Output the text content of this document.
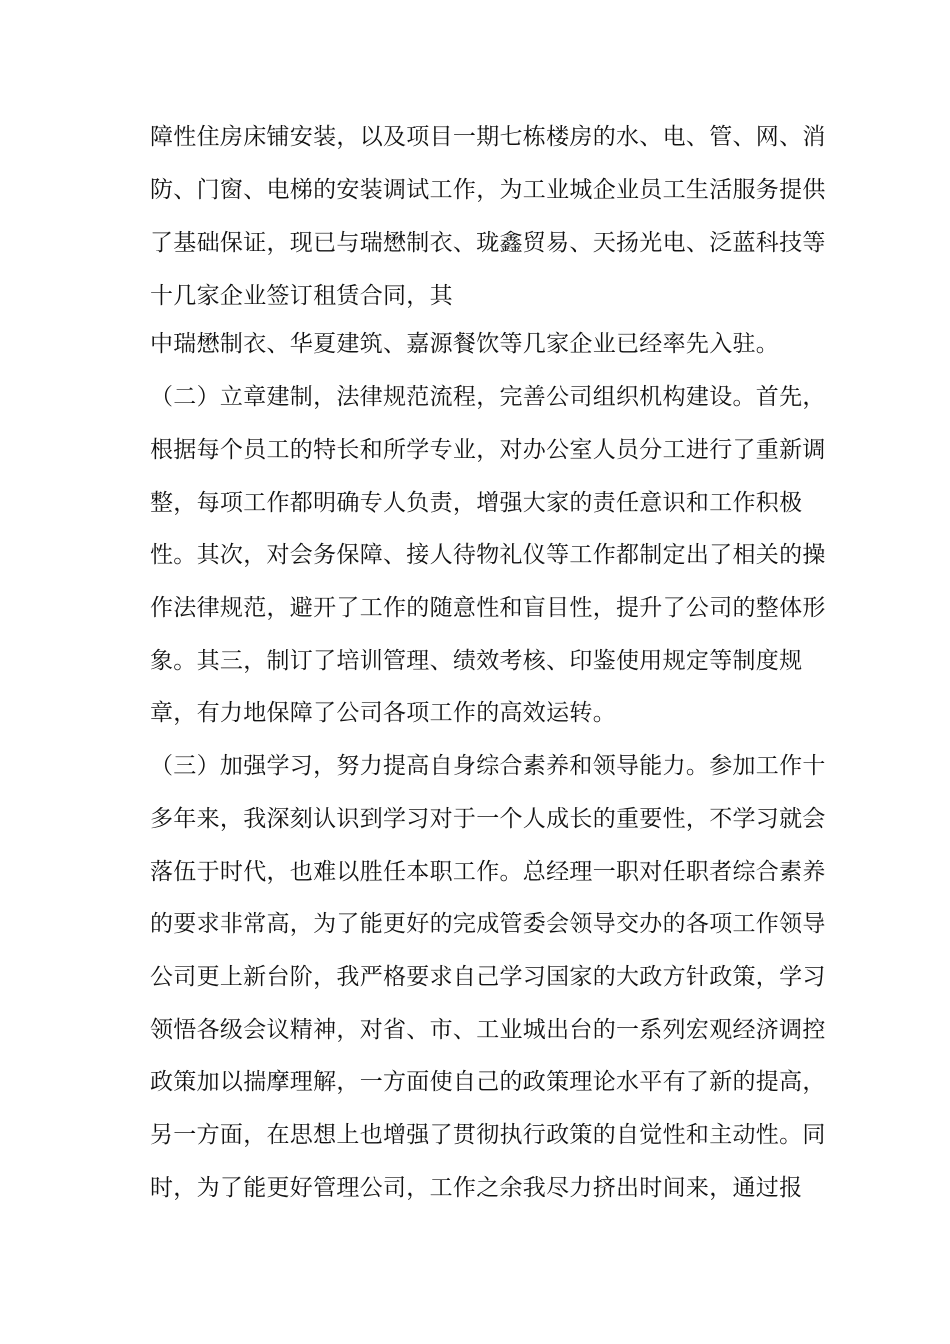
障性住房床铺安装，以及项目一期七栋楼房的水、电、管、网、消
防、门窗、电梯的安装调试工作，为工业城企业员工生活服务提供
了基础保证，现已与瑞懋制衣、珑鑫贸易、天扬光电、泛蓝科技等
十几家企业签订租赁合同，其
中瑞懋制衣、华夏建筑、嘉源餐饮等几家企业已经率先入驻。
（二）立章建制，法律规范流程，完善公司组织机构建设。首先，
根据每个员工的特长和所学专业，对办公室人员分工进行了重新调
整，每项工作都明确专人负责，增强大家的责任意识和工作积极
性。其次，对会务保障、接人待物礼仪等工作都制定出了相关的操
作法律规范，避开了工作的随意性和盲目性，提升了公司的整体形
象。其三，制订了培训管理、绩效考核、印鉴使用规定等制度规
章，有力地保障了公司各项工作的高效运转。
（三）加强学习，努力提高自身综合素养和领导能力。参加工作十
多年来，我深刻认识到学习对于一个人成长的重要性，不学习就会
落伍于时代，也难以胜任本职工作。总经理一职对任职者综合素养
的要求非常高，为了能更好的完成管委会领导交办的各项工作领导
公司更上新台阶，我严格要求自己学习国家的大政方针政策，学习
领悟各级会议精神，对省、市、工业城出台的一系列宏观经济调控
政策加以揣摩理解，一方面使自己的政策理论水平有了新的提高，
另一方面，在思想上也增强了贯彻执行政策的自觉性和主动性。同
时，为了能更好管理公司，工作之余我尽力挤出时间来，通过报
